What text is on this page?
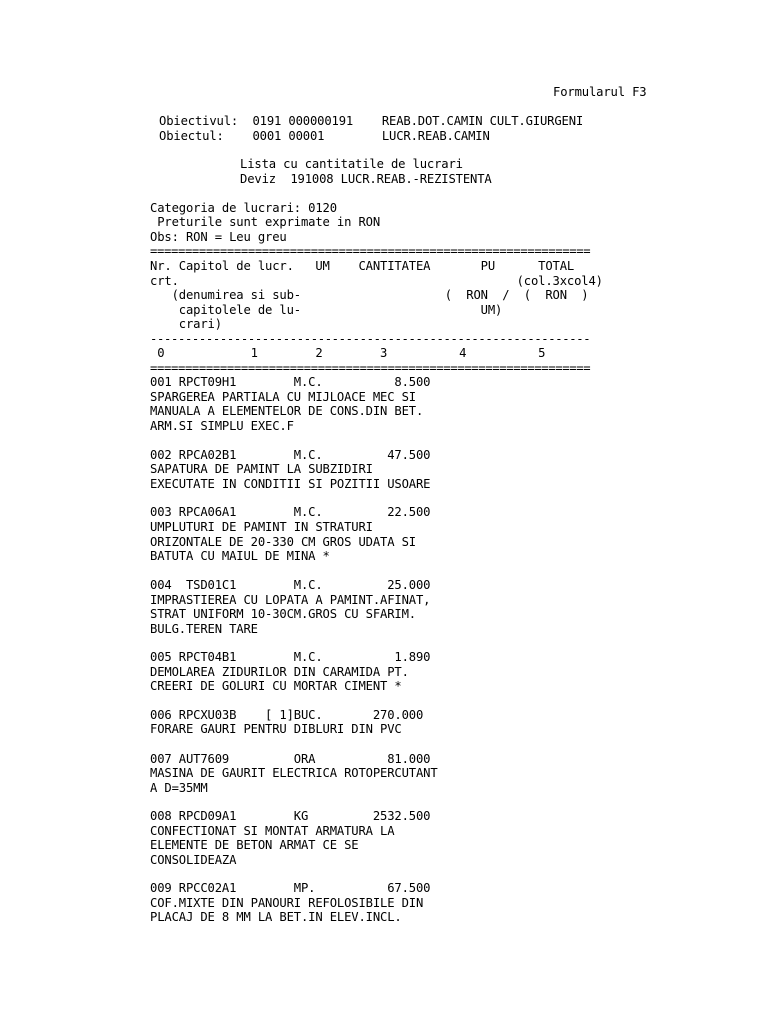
Formularul F3

Obiectivul:  0191 000000191    REAB.DOT.CAMIN CULT.GIURGENI

Obiectul:    0001 00001        LUCR.REAB.CAMIN

Lista cu cantitatile de lucrari

Deviz  191008 LUCR.REAB.-REZISTENTA

Categoria de lucrari: 0120

Preturile sunt exprimate in RON

Obs: RON = Leu greu

===============================================================

Nr. Capitol de lucr.   UM    CANTITATEA       PU      TOTAL

crt.                                               (col.3xcol4)

(denumirea si sub-                    (  RON  /  (  RON  )

capitolele de lu-                         UM)

crari)

---------------------------------------------------------------

0            1        2        3          4          5

===============================================================

001 RPCT09H1        M.C.          8.500

SPARGEREA PARTIALA CU MIJLOACE MEC SI

MANUALA A ELEMENTELOR DE CONS.DIN BET.

ARM.SI SIMPLU EXEC.F

002 RPCA02B1        M.C.         47.500

SAPATURA DE PAMINT LA SUBZIDIRI

EXECUTATE IN CONDITII SI POZITII USOARE

003 RPCA06A1        M.C.         22.500

UMPLUTURI DE PAMINT IN STRATURI

ORIZONTALE DE 20-330 CM GROS UDATA SI

BATUTA CU MAIUL DE MINA *

004  TSD01C1        M.C.         25.000

IMPRASTIEREA CU LOPATA A PAMINT.AFINAT,

STRAT UNIFORM 10-30CM.GROS CU SFARIM.

BULG.TEREN TARE

005 RPCT04B1        M.C.          1.890

DEMOLAREA ZIDURILOR DIN CARAMIDA PT.

CREERI DE GOLURI CU MORTAR CIMENT *

006 RPCXU03B    [ 1]BUC.       270.000

FORARE GAURI PENTRU DIBLURI DIN PVC

007 AUT7609         ORA          81.000

MASINA DE GAURIT ELECTRICA ROTOPERCUTANT

A D=35MM

008 RPCD09A1        KG         2532.500

CONFECTIONAT SI MONTAT ARMATURA LA

ELEMENTE DE BETON ARMAT CE SE

CONSOLIDEAZA

009 RPCC02A1        MP.          67.500

COF.MIXTE DIN PANOURI REFOLOSIBILE DIN

PLACAJ DE 8 MM LA BET.IN ELEV.INCL.
